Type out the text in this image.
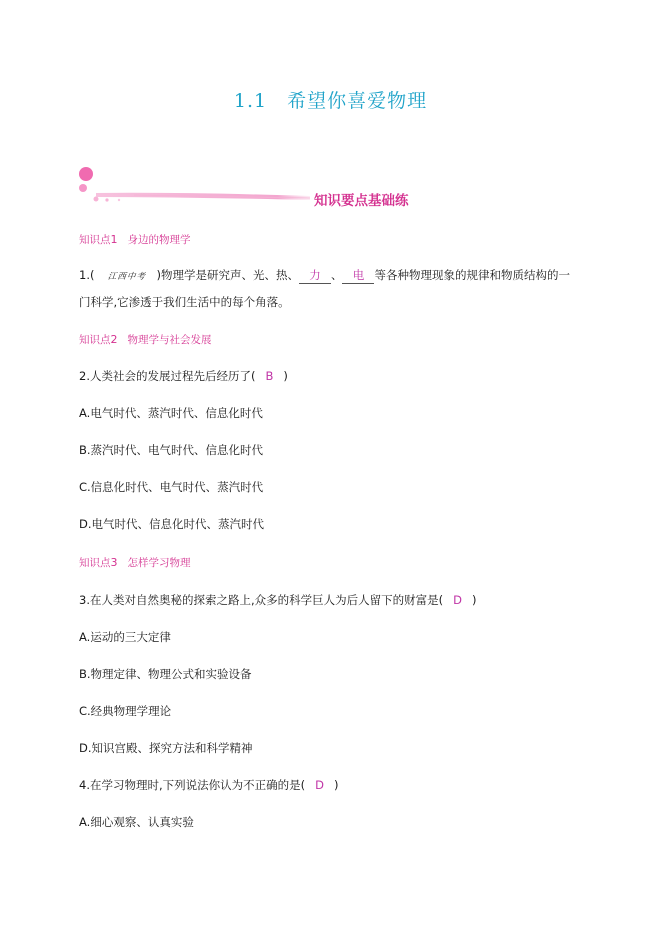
1.1 希望你喜爱物理
知识要点基础练
知识点1 身边的物理学
1.( 江西中考 )物理学是研究声、光、热、 力 、 电 等各种物理现象的规律和物质结构的一
门科学,它渗透于我们生活中的每个角落。
知识点2 物理学与社会发展
2.人类社会的发展过程先后经历了( B )
A.电气时代、蒸汽时代、信息化时代
B.蒸汽时代、电气时代、信息化时代
C.信息化时代、电气时代、蒸汽时代
D.电气时代、信息化时代、蒸汽时代
知识点3 怎样学习物理
3.在人类对自然奥秘的探索之路上,众多的科学巨人为后人留下的财富是( D )
A.运动的三大定律
B.物理定律、物理公式和实验设备
C.经典物理学理论
D.知识宫殿、探究方法和科学精神
4.在学习物理时,下列说法你认为不正确的是( D )
A.细心观察、认真实验
